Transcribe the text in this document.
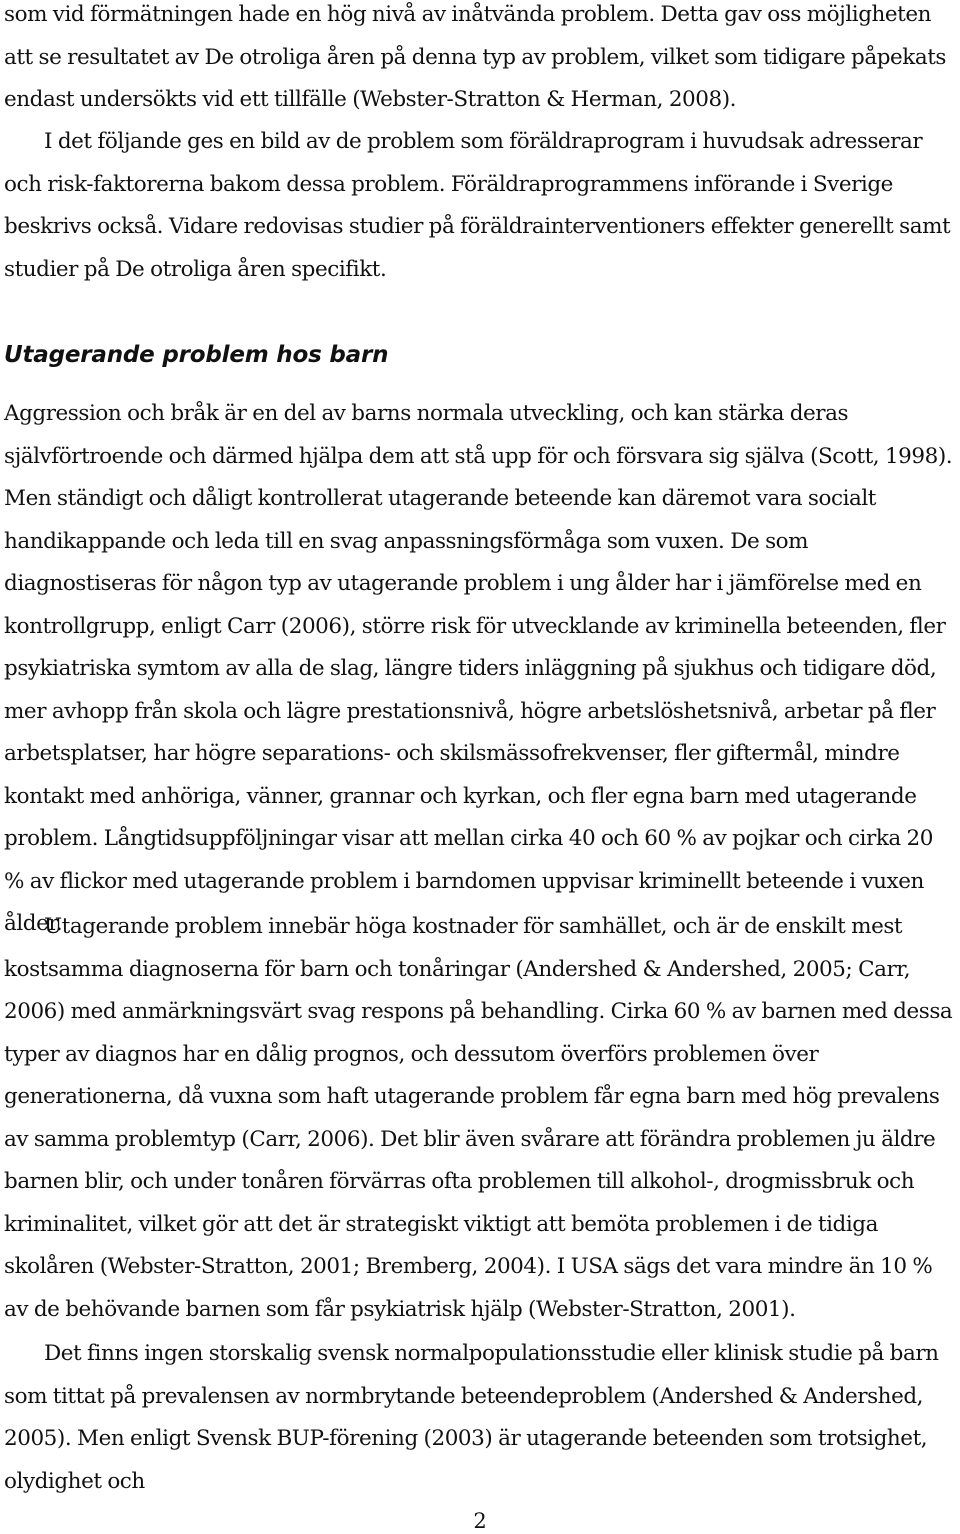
som vid förmätningen hade en hög nivå av inåtvända problem. Detta gav oss möjligheten att se resultatet av De otroliga åren på denna typ av problem, vilket som tidigare påpekats endast undersökts vid ett tillfälle (Webster-Stratton & Herman, 2008).

I det följande ges en bild av de problem som föräldraprogram i huvudsak adresserar och risk-faktorerna bakom dessa problem. Föräldraprogrammens införande i Sverige beskrivs också. Vidare redovisas studier på föräldrainterventioners effekter generellt samt studier på De otroliga åren specifikt.

Utagerande problem hos barn

Aggression och bråk är en del av barns normala utveckling, och kan stärka deras självförtroende och därmed hjälpa dem att stå upp för och försvara sig själva (Scott, 1998). Men ständigt och dåligt kontrollerat utagerande beteende kan däremot vara socialt handikappande och leda till en svag anpassningsförmåga som vuxen. De som diagnostiseras för någon typ av utagerande problem i ung ålder har i jämförelse med en kontrollgrupp, enligt Carr (2006), större risk för utvecklande av kriminella beteenden, fler psykiatriska symtom av alla de slag, längre tiders inläggning på sjukhus och tidigare död, mer avhopp från skola och lägre prestationsnivå, högre arbetslöshetsnivå, arbetar på fler arbetsplatser, har högre separations- och skilsmässofrekvenser, fler giftermål, mindre kontakt med anhöriga, vänner, grannar och kyrkan, och fler egna barn med utagerande problem. Långtidsuppföljningar visar att mellan cirka 40 och 60 % av pojkar och cirka 20 % av flickor med utagerande problem i barndomen uppvisar kriminellt beteende i vuxen ålder.

Utagerande problem innebär höga kostnader för samhället, och är de enskilt mest kostsamma diagnoserna för barn och tonåringar (Andershed & Andershed, 2005; Carr, 2006) med anmärkningsvärt svag respons på behandling. Cirka 60 % av barnen med dessa typer av diagnos har en dålig prognos, och dessutom överförs problemen över generationerna, då vuxna som haft utagerande problem får egna barn med hög prevalens av samma problemtyp (Carr, 2006). Det blir även svårare att förändra problemen ju äldre barnen blir, och under tonåren förvärras ofta problemen till alkohol-, drogmissbruk och kriminalitet, vilket gör att det är strategiskt viktigt att bemöta problemen i de tidiga skolåren (Webster-Stratton, 2001; Bremberg, 2004). I USA sägs det vara mindre än 10 % av de behövande barnen som får psykiatrisk hjälp (Webster-Stratton, 2001).

Det finns ingen storskalig svensk normalpopulationsstudie eller klinisk studie på barn som tittat på prevalensen av normbrytande beteendeproblem (Andershed & Andershed, 2005). Men enligt Svensk BUP-förening (2003) är utagerande beteenden som trotsighet, olydighet och

2
